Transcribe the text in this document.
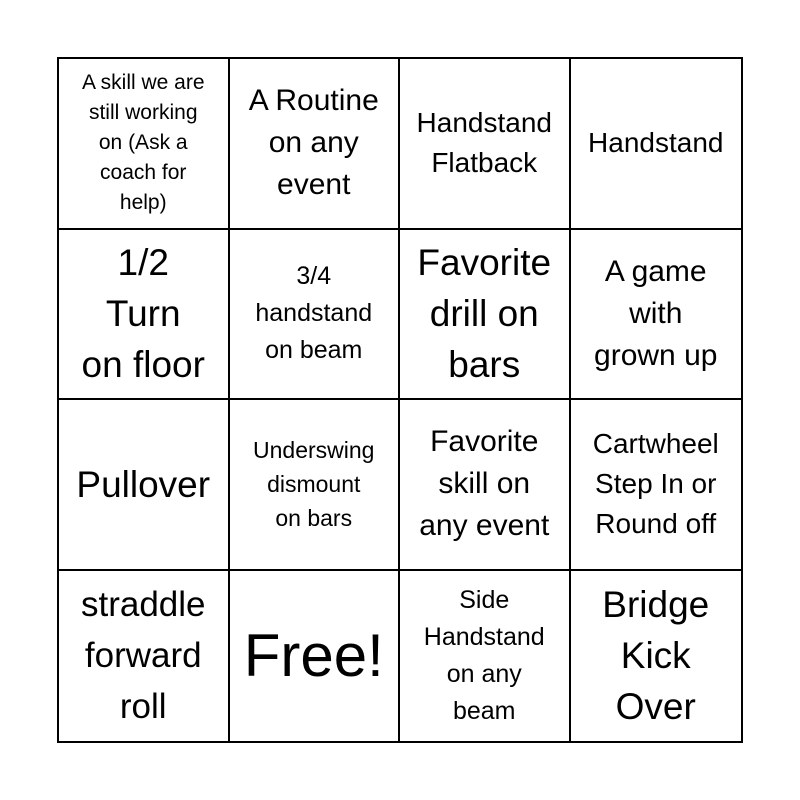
A skill we are
still working
on (Ask a
coach for
help)
A Routine
on any
event
Handstand
Flatback
Handstand
1/2
Turn
on floor
3/4
handstand
on beam
Favorite
drill on
bars
A game
with
grown up
Pullover
Underswing
dismount
on bars
Favorite
skill on
any event
Cartwheel
Step In or
Round off
straddle
forward
roll
Free!
Side
Handstand
on any
beam
Bridge
Kick
Over
